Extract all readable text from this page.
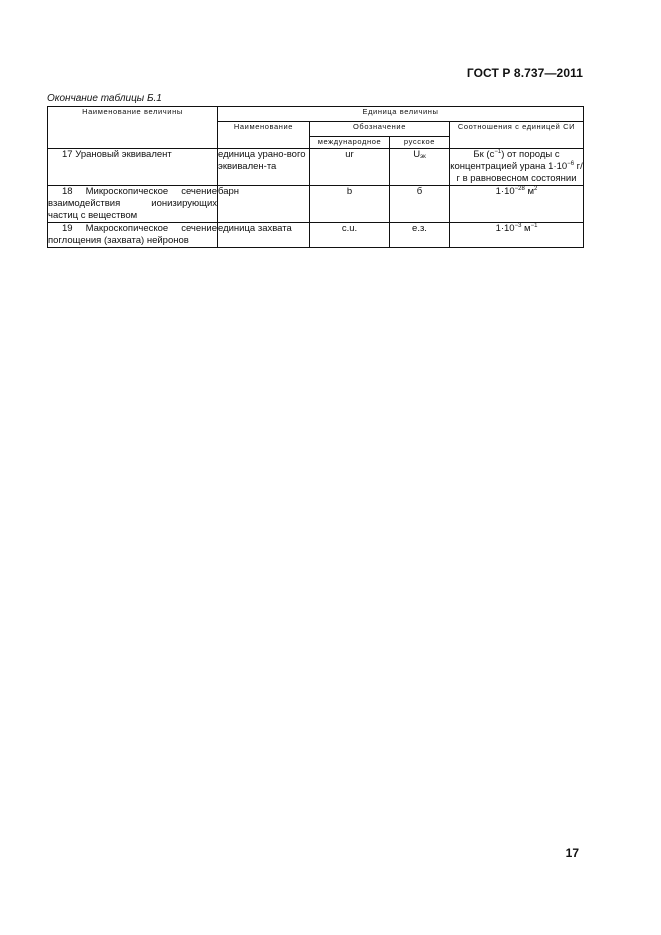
ГОСТ Р 8.737—2011
Окончание таблицы Б.1
Наименование величины	Единица величины			
	Наименование	Обозначение		Соотношения с единицей СИ
		международное	русское	
17 Урановый эквивалент	единица урано-вого эквивален-та	ur	$U_{эк}$	Бк $(с^{-1})$ от породы с концентрацией урана $1\cdot 10^{-6}$ г/г в равновесном состоянии
18 Микроскопическое сечение взаимодействия ионизирующих частиц с веществом	барн	b	б	$1\cdot 10^{-28}$ $м^2$
19 Макроскопическое сечение поглощения (захвата) нейронов	единица захвата	c.u.	е.з.	$1\cdot 10^{-3}$ $м^{-1}$
17
